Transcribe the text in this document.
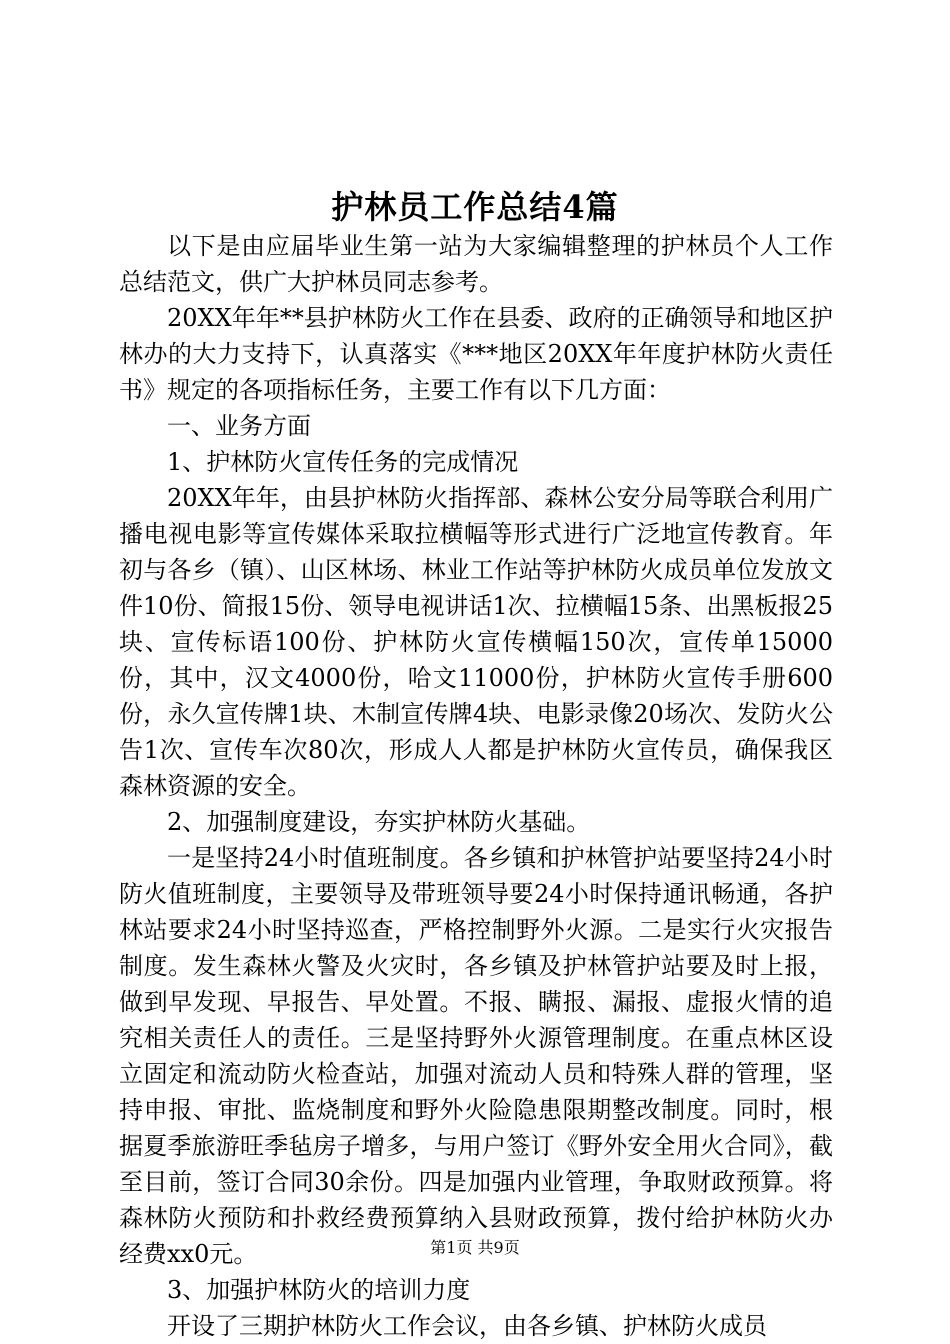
护林员工作总结4篇

以下是由应届毕业生第一站为大家编辑整理的护林员个人工作总结范文，供广大护林员同志参考。

20XX年年**县护林防火工作在县委、政府的正确领导和地区护林办的大力支持下，认真落实《***地区20XX年年度护林防火责任书》规定的各项指标任务，主要工作有以下几方面：

一、业务方面

1、护林防火宣传任务的完成情况

20XX年年，由县护林防火指挥部、森林公安分局等联合利用广播电视电影等宣传媒体采取拉横幅等形式进行广泛地宣传教育。年初与各乡（镇）、山区林场、林业工作站等护林防火成员单位发放文件10份、简报15份、领导电视讲话1次、拉横幅15条、出黑板报25块、宣传标语100份、护林防火宣传横幅150次，宣传单15000份，其中，汉文4000份，哈文11000份，护林防火宣传手册600份，永久宣传牌1块、木制宣传牌4块、电影录像20场次、发防火公告1次、宣传车次80次，形成人人都是护林防火宣传员，确保我区森林资源的安全。

2、加强制度建设，夯实护林防火基础。

一是坚持24小时值班制度。各乡镇和护林管护站要坚持24小时防火值班制度，主要领导及带班领导要24小时保持通讯畅通，各护林站要求24小时坚持巡查，严格控制野外火源。二是实行火灾报告制度。发生森林火警及火灾时，各乡镇及护林管护站要及时上报，做到早发现、早报告、早处置。不报、瞒报、漏报、虚报火情的追究相关责任人的责任。三是坚持野外火源管理制度。在重点林区设立固定和流动防火检查站，加强对流动人员和特殊人群的管理，坚持申报、审批、监烧制度和野外火险隐患限期整改制度。同时，根据夏季旅游旺季毡房子增多，与用户签订《野外安全用火合同》，截至目前，签订合同30余份。四是加强内业管理，争取财政预算。将森林防火预防和扑救经费预算纳入县财政预算，拨付给护林防火办经费xx0元。

3、加强护林防火的培训力度

开设了三期护林防火工作会议，由各乡镇、护林防火成员

第1页 共9页
